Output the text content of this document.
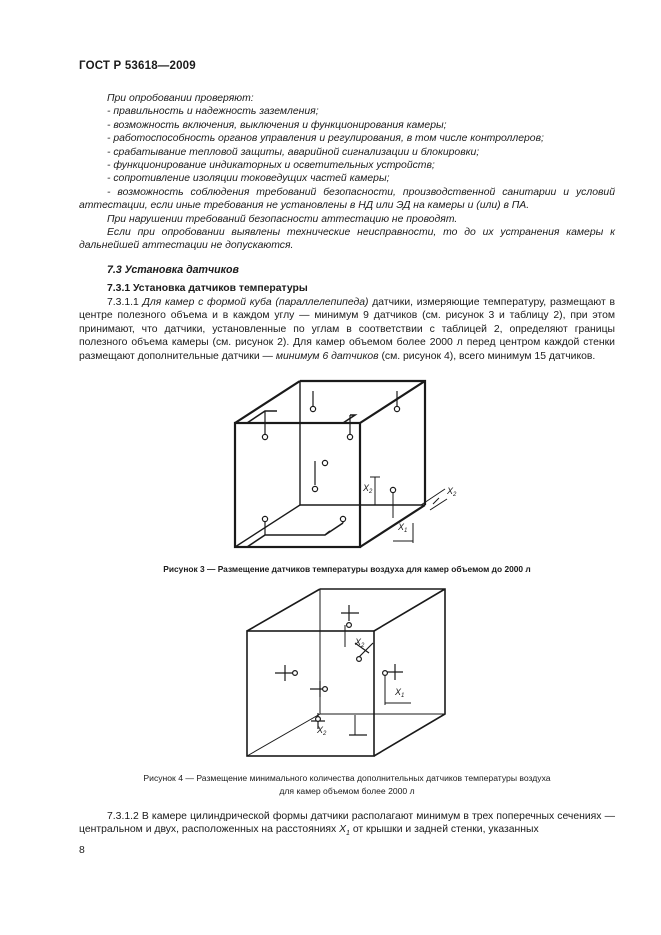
ГОСТ Р 53618—2009

При опробовании проверяют:

- правильность и надежность заземления;

- возможность включения, выключения и функционирования камеры;

- работоспособность органов управления и регулирования, в том числе контроллеров;

- срабатывание тепловой защиты, аварийной сигнализации и блокировки;

- функционирование индикаторных и осветительных устройств;

- сопротивление изоляции токоведущих частей камеры;

- возможность соблюдения требований безопасности, производственной санитарии и условий аттестации, если иные требования не установлены в НД или ЭД на камеры и (или) в ПА.

При нарушении требований безопасности аттестацию не проводят.

Если при опробовании выявлены технические неисправности, то до их устранения камеры к дальнейшей аттестации не допускаются.

7.3 Установка датчиков
7.3.1 Установка датчиков температуры

7.3.1.1 Для камер с формой куба (параллелепипеда) датчики, измеряющие температуру, размещают в центре полезного объема и в каждом углу — минимум 9 датчиков (см. рисунок 3 и таблицу 2), при этом принимают, что датчики, установленные по углам в соответствии с таблицей 2, определяют границы полезного объема камеры (см. рисунок 2). Для камер объемом более 2000 л перед центром каждой стенки размещают дополнительные датчики — минимум 6 датчиков (см. рисунок 4), всего минимум 15 датчиков.

$X_2$
$X_1$
$X_2$
Рисунок 3 — Размещение датчиков температуры воздуха для камер объемом до 2000 л
$X_2$
$X_1$
$X_2$
Рисунок 4 — Размещение минимального количества дополнительных датчиков температуры воздуха
для камер объемом более 2000 л

7.3.1.2 В камере цилиндрической формы датчики располагают минимум в трех поперечных сечениях — центральном и двух, расположенных на расстояниях $X_1$ от крышки и задней стенки, указанных

8
